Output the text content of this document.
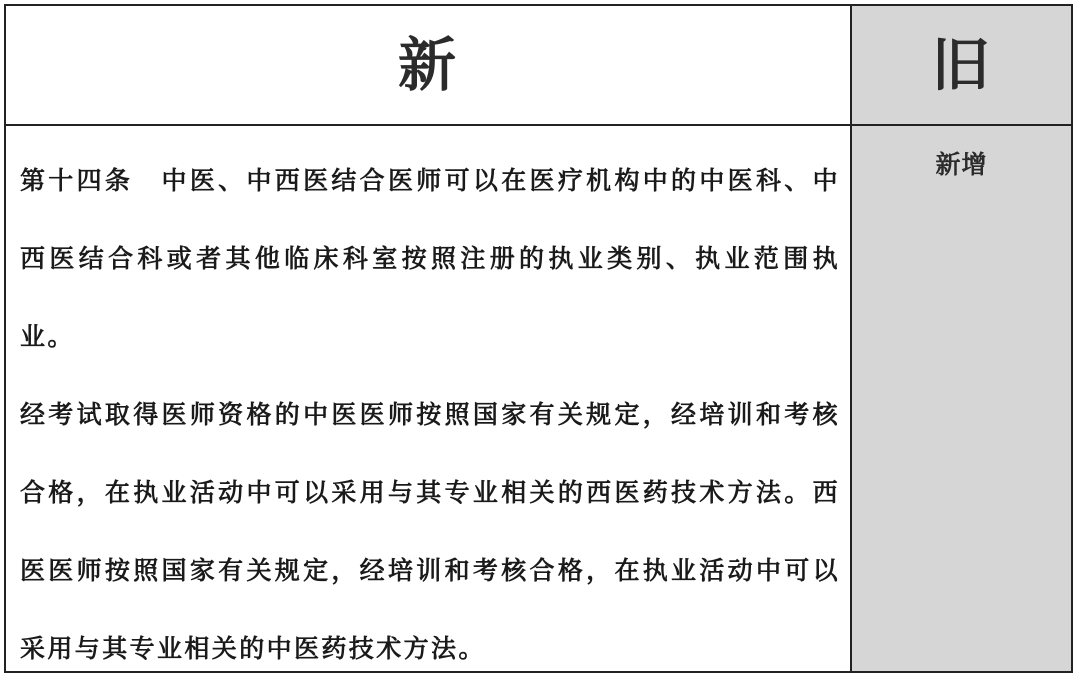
新	旧

第十四条　中医、中西医结合医师可以在医疗机构中的中医科、中西医结合科或者其他临床科室按照注册的执业类别、执业范围执业。

经考试取得医师资格的中医医师按照国家有关规定，经培训和考核合格，在执业活动中可以采用与其专业相关的西医药技术方法。西医医师按照国家有关规定，经培训和考核合格，在执业活动中可以采用与其专业相关的中医药技术方法。

新增
